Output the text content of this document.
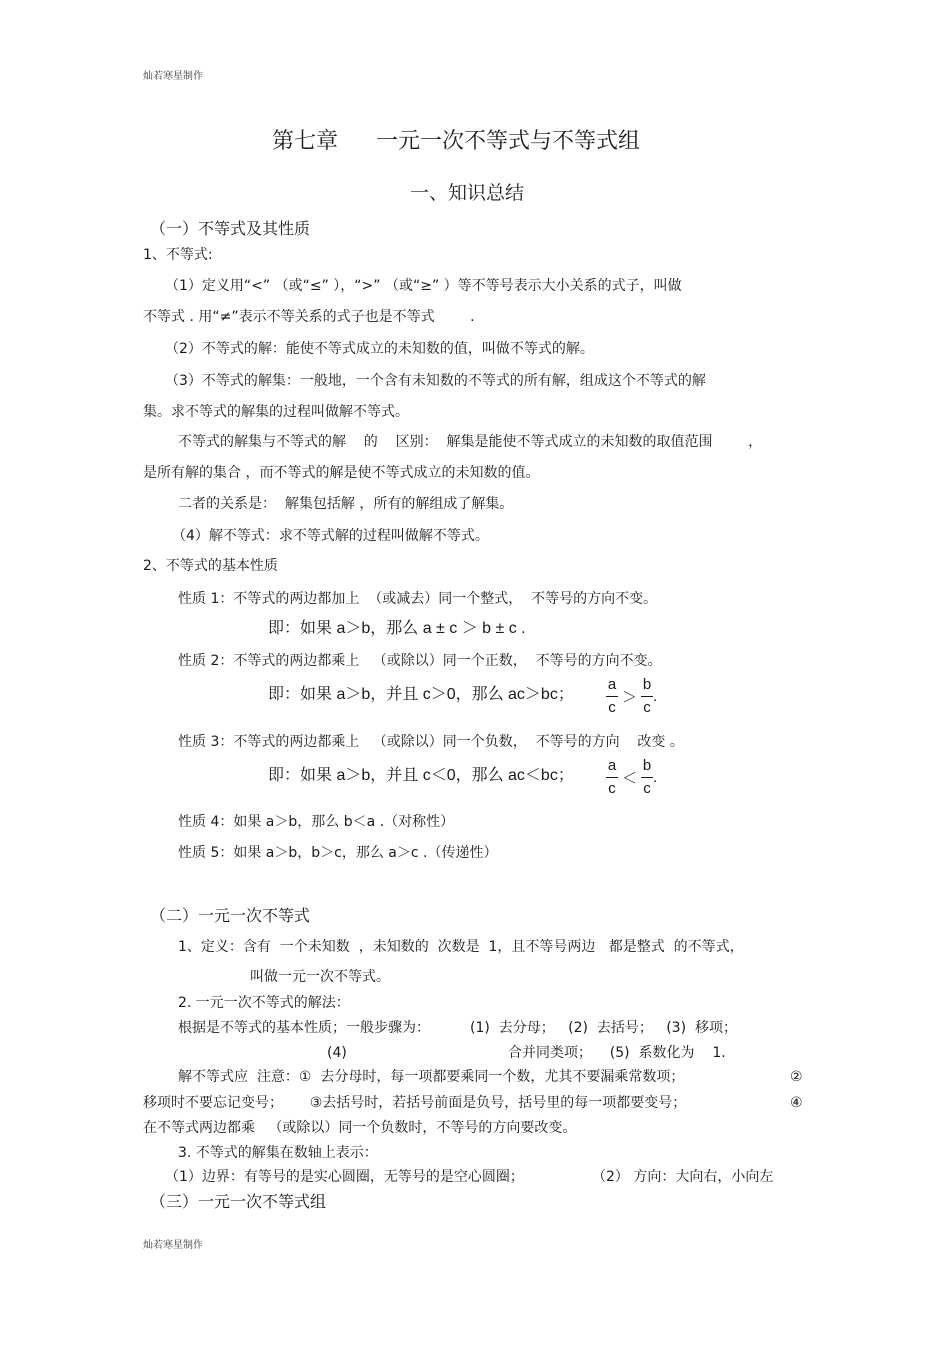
灿若寒星制作
第七章 一元一次不等式与不等式组
一、知识总结
（一）不等式及其性质
1、不等式:
（1）定义用“<” （或“≤” ），“>” （或“≥” ）等不等号表示大小关系的式子，叫做
不等式 . 用“≠”表示不等关系的式子也是不等式        .
（2）不等式的解：能使不等式成立的未知数的值，叫做不等式的解。
（3）不等式的解集：一般地，一个含有未知数的不等式的所有解，组成这个不等式的解
集。求不等式的解集的过程叫做解不等式。
不等式的解集与不等式的解    的    区别：  解集是能使不等式成立的未知数的取值范围        ，
是所有解的集合 ，而不等式的解是使不等式成立的未知数的值。
二者的关系是：  解集包括解 ，所有的解组成了解集。
（4）解不等式：求不等式解的过程叫做解不等式。
2、不等式的基本性质
性质 1：不等式的两边都加上  （或减去）同一个整式，  不等号的方向不变。
即：如果 a＞b，那么 a ± c ＞ b ± c .
性质 2：不等式的两边都乘上   （或除以）同一个正数，  不等号的方向不变。
即：如果 a＞b，并且 c＞0，那么 ac＞bc；
a
c
＞
b
c
.
性质 3：不等式的两边都乘上   （或除以）同一个负数，  不等号的方向    改变 。
即：如果 a＞b，并且 c＜0，那么 ac＜bc；
a
c
＜
b
c
.
性质 4：如果 a＞b，那么 b＜a .（对称性）
性质 5：如果 a＞b，b＞c，那么 a＞c .（传递性）
（二）一元一次不等式
1、定义：含有  一个未知数  ，未知数的  次数是  1，且不等号两边   都是整式  的不等式，
叫做一元一次不等式。
2. 一元一次不等式的解法：
根据是不等式的基本性质；一般步骤为：         (1)  去分母；   (2)  去括号；   (3)  移项；
(4)	合并同类项；    (5)  系数化为    1.
解不等式应  注意：①  去分母时，每一项都要乘同一个数，尤其不要漏乘常数项；	②
移项时不要忘记变号；      ③去括号时，若括号前面是负号，括号里的每一项都要变号；	④
在不等式两边都乘   （或除以）同一个负数时，不等号的方向要改变。
3. 不等式的解集在数轴上表示：
（1）边界：有等号的是实心圆圈，无等号的是空心圆圈；	（2） 方向：大向右，小向左
（三）一元一次不等式组
灿若寒星制作
